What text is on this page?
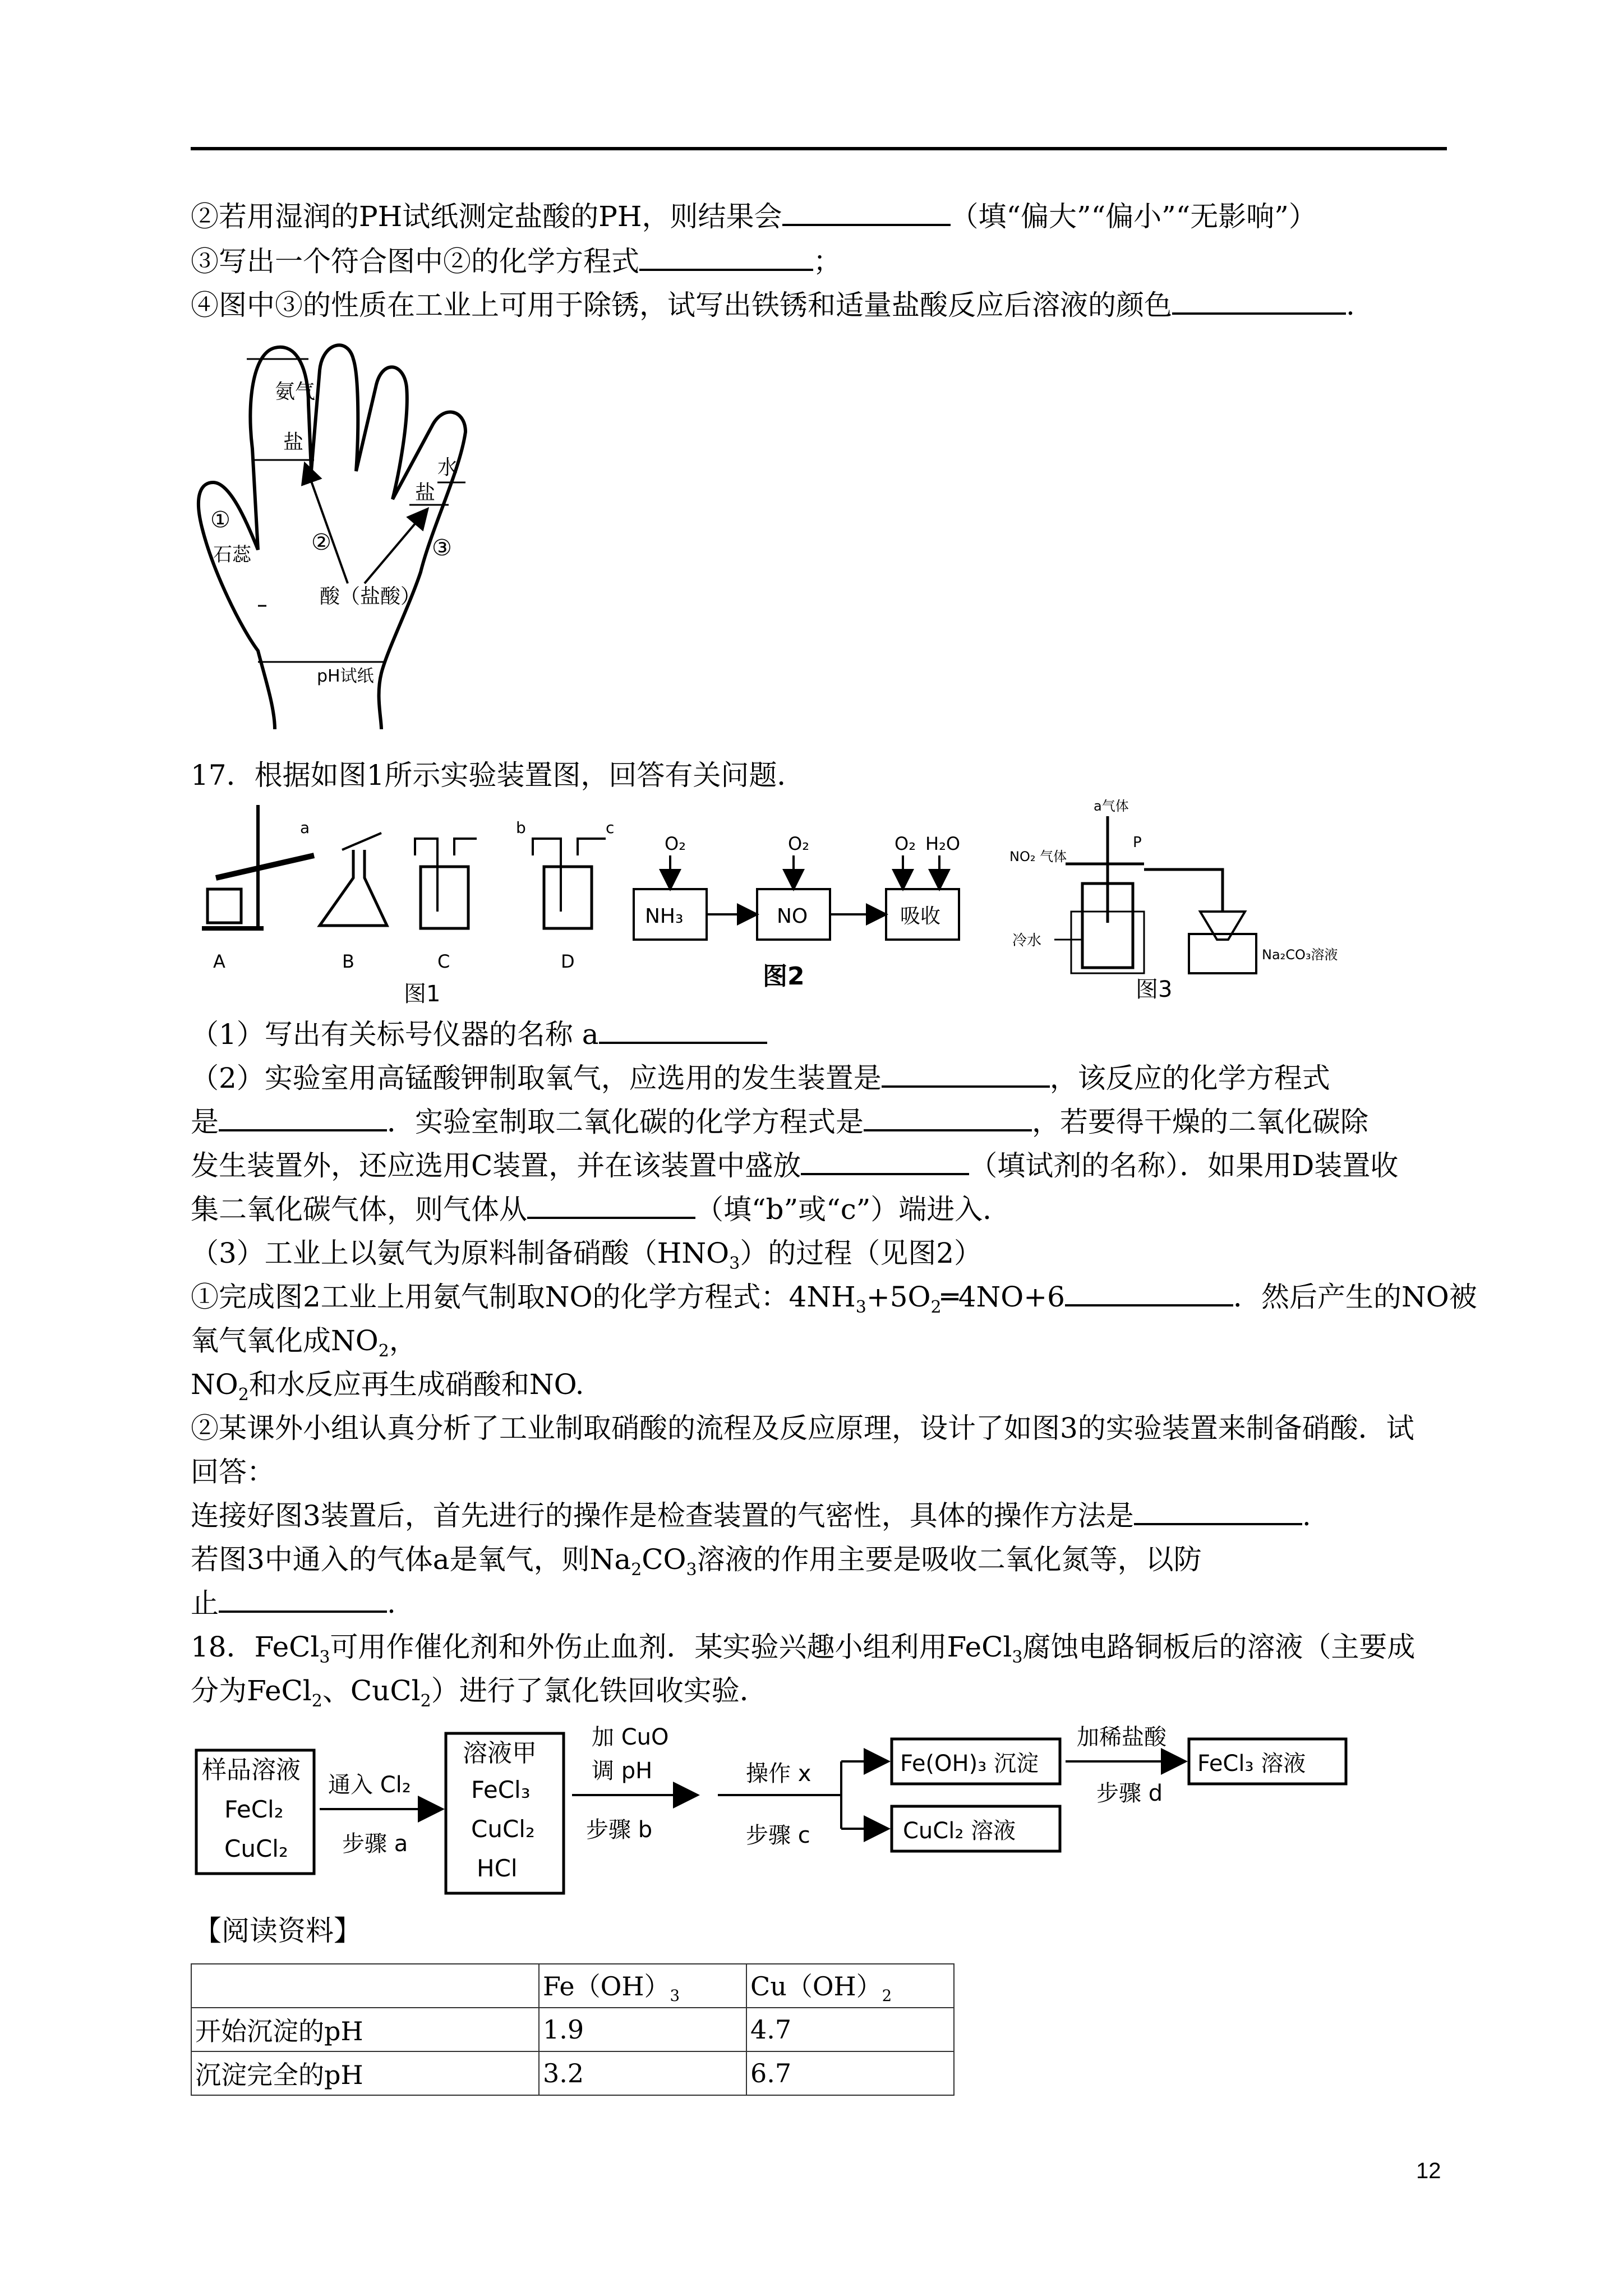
②若用湿润的PH试纸测定盐酸的PH，则结果会	（填“偏大”“偏小”“无影响”）
③写出一个符合图中②的化学方程式	；
④图中③的性质在工业上可用于除锈，试写出铁锈和适量盐酸反应后溶液的颜色	.
氨气
盐
水
盐
①
石蕊	②	③
酸（盐酸）
pH试纸
17．根据如图1所示实验装置图，回答有关问题．
A
a
B	C
b	c
D
图1
NH₃	NO	吸收
O₂	O₂	O₂ H₂O
图2
a气体
NO₂ 气体
P
冷水
Na₂CO₃溶液
图3
（1）写出有关标号仪器的名称 a
（2）实验室用高锰酸钾制取氧气，应选用的发生装置是	，该反应的化学方程式
是	．实验室制取二氧化碳的化学方程式是	，若要得干燥的二氧化碳除
发生装置外，还应选用C装置，并在该装置中盛放	（填试剂的名称）．如果用D装置收
集二氧化碳气体，则气体从	（填“b”或“c”）端进入．
（3）工业上以氨气为原料制备硝酸$(HNO_3)$的过程（见图2）
①完成图2工业上用氨气制取NO的化学方程式：$4NH_3+5O_2═4NO+6$	．然后产生的NO被
氧气氧化成$NO_2$，
$NO_2$和水反应再生成硝酸和NO.
②某课外小组认真分析了工业制取硝酸的流程及反应原理，设计了如图3的实验装置来制备硝酸．试
回答：
连接好图3装置后，首先进行的操作是检查装置的气密性，具体的操作方法是	.
若图3中通入的气体a是氧气，则$Na_2CO_3$溶液的作用主要是吸收二氧化氮等，以防
止	.
18．FeCl$_3$可用作催化剂和外伤止血剂．某实验兴趣小组利用FeCl$_3$腐蚀电路铜板后的溶液（主要成
分为FeCl$_2$、CuCl$_2$）进行了氯化铁回收实验．
样品溶液
FeCl₂
CuCl₂
通入 Cl₂
步骤 a
溶液甲
FeCl₃
CuCl₂
HCl
加 CuO
调 pH
步骤 b
操作 x
步骤 c
Fe(OH)₃ 沉淀
CuCl₂ 溶液
加稀盐酸
步骤 d
FeCl₃ 溶液
【阅读资料】
	$Fe(OH)_3$	$Cu(OH)_2$
开始沉淀的pH	1.9	4.7
沉淀完全的pH	3.2	6.7
12
